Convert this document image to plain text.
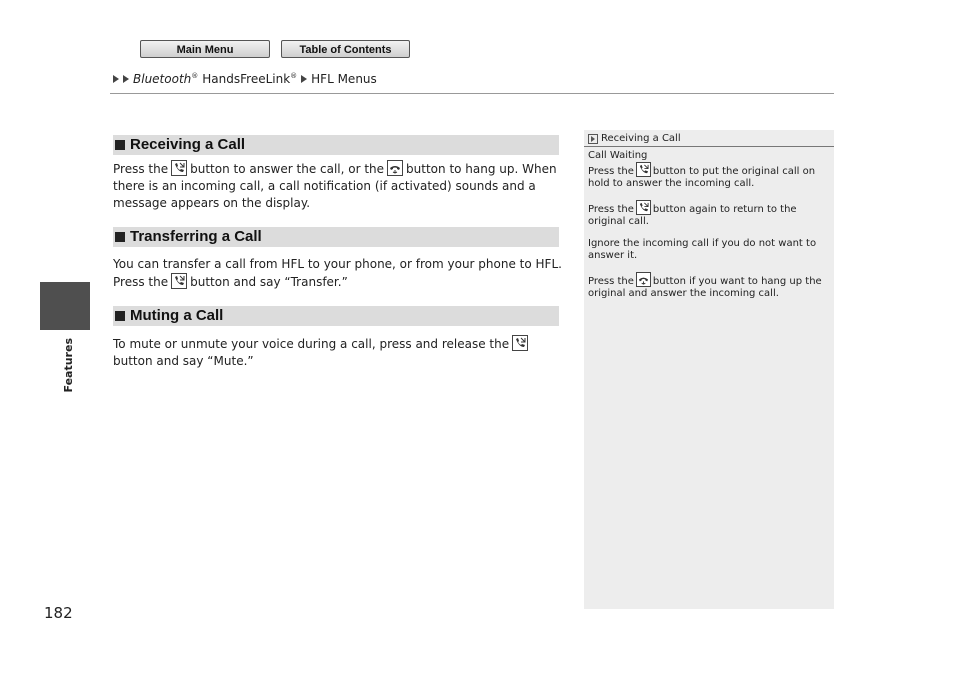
Main Menu	Table of Contents
Bluetooth® HandsFreeLink® HFL Menus
Features
182
Receiving a Call
Press the button to answer the call, or the button to hang up. When there is an incoming call, a call notification (if activated) sounds and a message appears on the display.
Transferring a Call
You can transfer a call from HFL to your phone, or from your phone to HFL. Press the button and say “Transfer.”
Muting a Call
To mute or unmute your voice during a call, press and release the
button and say “Mute.”
Receiving a Call
Call Waiting

Press the button to put the original call on hold to answer the incoming call.

Press the button again to return to the original call.

Ignore the incoming call if you do not want to answer it.

Press the button if you want to hang up the original and answer the incoming call.
